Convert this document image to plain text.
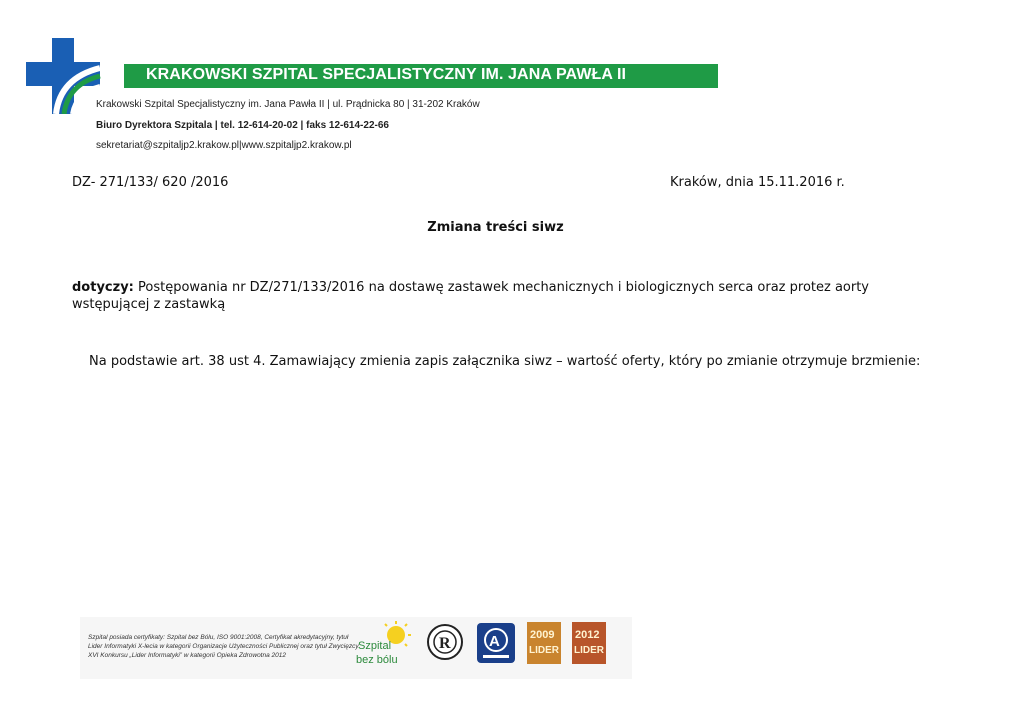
KRAKOWSKI SZPITAL SPECJALISTYCZNY IM. JANA PAWŁA II
Krakowski Szpital Specjalistyczny im. Jana Pawła II | ul. Prądnicka 80 | 31-202 Kraków
Biuro Dyrektora Szpitala | tel. 12-614-20-02 | faks 12-614-22-66
sekretariat@szpitaljp2.krakow.pl|www.szpitaljp2.krakow.pl
DZ- 271/133/ 620 /2016	Kraków, dnia 15.11.2016 r.
Zmiana treści siwz
dotyczy: Postępowania nr DZ/271/133/2016 na dostawę zastawek mechanicznych i biologicznych serca oraz protez aorty wstępującej z zastawką
Na podstawie art. 38 ust 4. Zamawiający zmienia zapis załącznika siwz – wartość oferty, który po zmianie otrzymuje brzmienie:
Szpital posiada certyfikaty: Szpital bez Bólu, ISO 9001:2008, Certyfikat akredytacyjny, tytuł Lider Informatyki X-lecia w kategorii Organizacje Użyteczności Publicznej oraz tytuł Zwycięzcy XVI Konkursu „Lider Informatyki” w kategorii Opieka Zdrowotna 2012
Szpital
bez bólu
R	A	2009
LIDER
2012
LIDER
